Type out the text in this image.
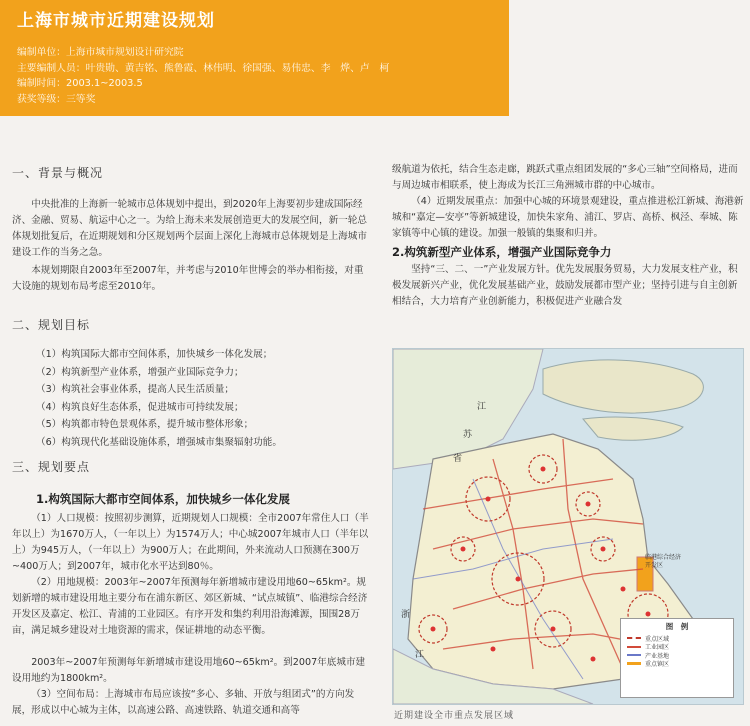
上海市城市近期建设规划
编制单位：上海市城市规划设计研究院
主要编制人员：叶贵勋、黄吉铭、熊鲁霞、林伟明、徐国强、易伟忠、李　烨、卢　柯
编制时间：2003.1~2003.5
获奖等级：三等奖
一、背景与概况

中央批准的上海新一轮城市总体规划中提出，到2020年上海要初步建成国际经济、金融、贸易、航运中心之一。为给上海未来发展创造更大的发展空间，新一轮总体规划批复后，在近期规划和分区规划两个层面上深化上海城市总体规划是上海城市建设工作的当务之急。

本规划期限自2003年至2007年，并考虑与2010年世博会的举办相衔接，对重大设施的规划布局考虑至2010年。

二、规划目标
（1）构筑国际大都市空间体系，加快城乡一体化发展；
（2）构筑新型产业体系，增强产业国际竞争力；
（3）构筑社会事业体系，提高人民生活质量；
（4）构筑良好生态体系，促进城市可持续发展；
（5）构筑都市特色景观体系，提升城市整体形象；
（6）构筑现代化基础设施体系，增强城市集聚辐射功能。
三、规划要点
1.构筑国际大都市空间体系，加快城乡一体化发展

（1）人口规模：按照初步测算，近期规划人口规模：全市2007年常住人口（半年以上）为1670万人，（一年以上）为1574万人；中心城2007年城市人口（半年以上）为945万人，（一年以上）为900万人；在此期间，外来流动人口预测在300万~400万人；到2007年，城市化水平达到80％。

（2）用地规模：2003年~2007年预测每年新增城市建设用地60~65km²。规划新增的城市建设用地主要分布在浦东新区、郊区新城、“试点城镇”、临港综合经济开发区及嘉定、松江、青浦的工业园区。有序开发和集约利用沿海滩源，围围28万亩，满足城乡建设对土地资源的需求，保证耕地的动态平衡。

2003年~2007年预测每年新增城市建设用地60~65km²。到2007年底城市建设用地约为1800km²。

（3）空间布局：上海城市布局应该按“多心、多轴、开放与组团式”的方向发展，形成以中心城为主体，以高速公路、高速铁路、轨道交通和高等

级航道为依托，结合生态走廊，跳跃式重点组团发展的“多心三轴”空间格局，进而与周边城市相联系，使上海成为长江三角洲城市群的中心城市。

（4）近期发展重点：加强中心城的环境景观建设，重点推进松江新城、海港新城和“嘉定—安亭”等新城建设，加快朱家角、浦江、罗店、高桥、枫泾、奉城、陈家镇等中心镇的建设。加强一般镇的集聚和归并。

2.构筑新型产业体系，增强产业国际竞争力

坚持“三、二、一”产业发展方针。优先发展服务贸易，大力发展支柱产业，积极发展新兴产业，优化发展基础产业，鼓励发展都市型产业；坚持引进与自主创新相结合，大力培育产业创新能力，积极促进产业融合发

江
苏
省
浙
江
临港综合经济开发区
图　例
重点区域
工业园区
产业基地
重点镇区
近期建设全市重点发展区域
